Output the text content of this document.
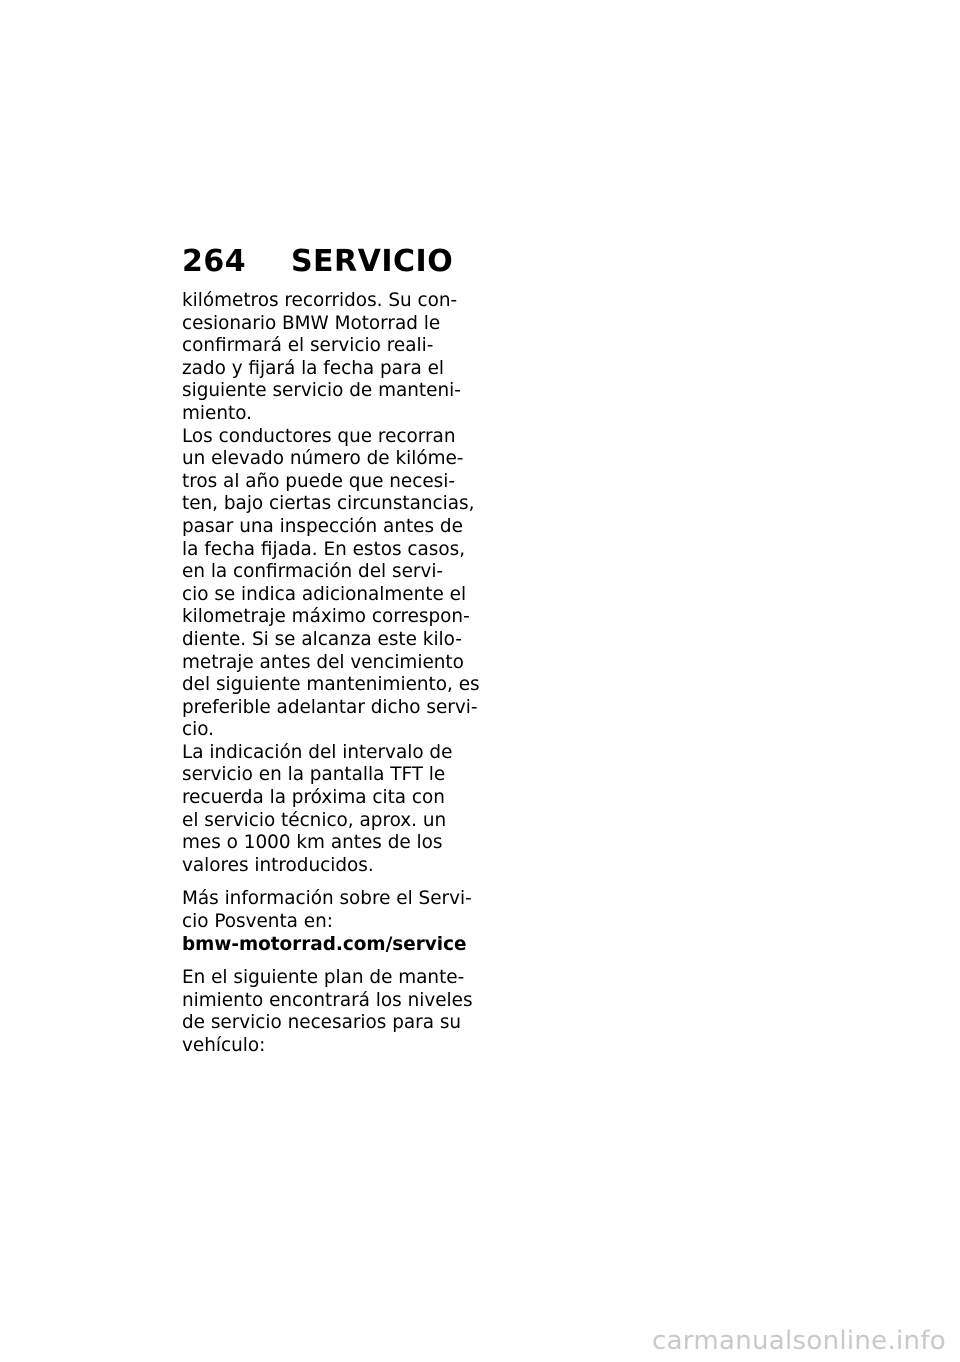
264 SERVICIO
kilómetros recorridos. Su con-
cesionario BMW Motorrad le
confirmará el servicio reali-
zado y fijará la fecha para el
siguiente servicio de manteni-
miento.
Los conductores que recorran
un elevado número de kilóme-
tros al año puede que necesi-
ten, bajo ciertas circunstancias,
pasar una inspección antes de
la fecha fijada. En estos casos,
en la confirmación del servi-
cio se indica adicionalmente el
kilometraje máximo correspon-
diente. Si se alcanza este kilo-
metraje antes del vencimiento
del siguiente mantenimiento, es
preferible adelantar dicho servi-
cio.
La indicación del intervalo de
servicio en la pantalla TFT le
recuerda la próxima cita con
el servicio técnico, aprox. un
mes o 1000 km antes de los
valores introducidos.
Más información sobre el Servi-
cio Posventa en:
bmw-motorrad.com/service
En el siguiente plan de mante-
nimiento encontrará los niveles
de servicio necesarios para su
vehículo:
carmanualsonline.info
